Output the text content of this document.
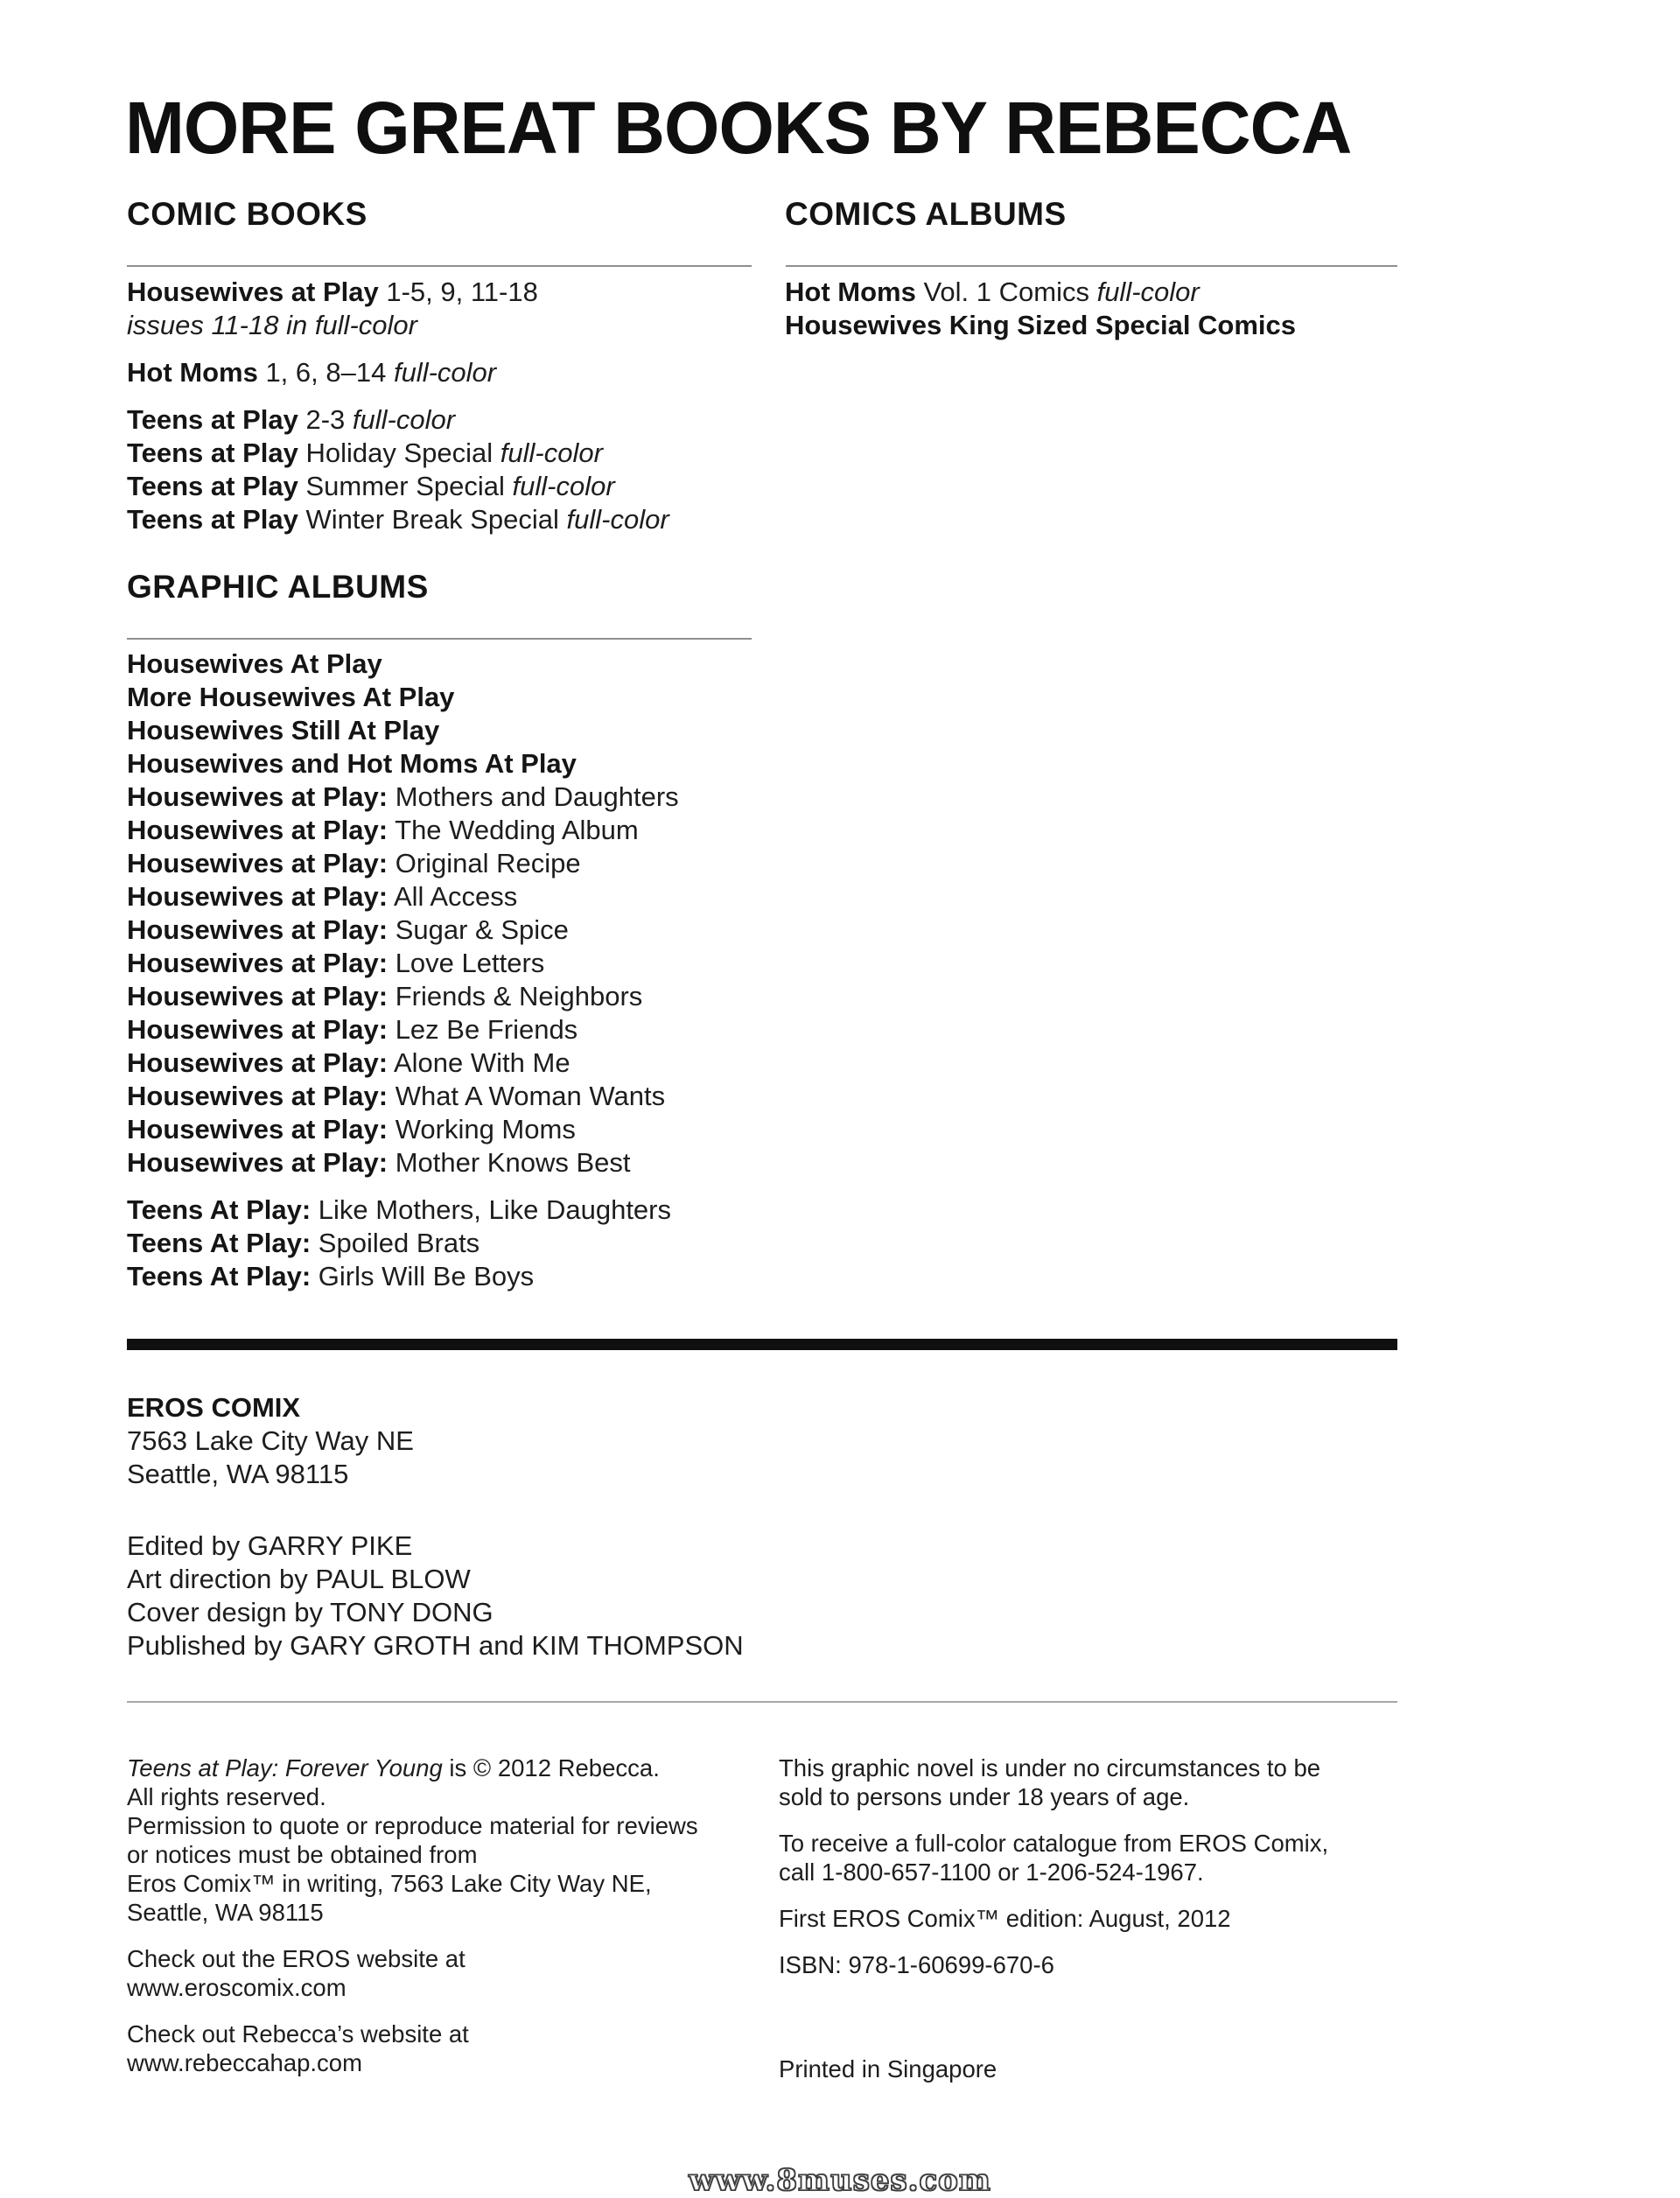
MORE GREAT BOOKS BY REBECCA
COMIC BOOKS
Housewives at Play 1-5, 9, 11-18
issues 11-18 in full-color
Hot Moms 1, 6, 8–14 full-color
Teens at Play 2-3 full-color
Teens at Play Holiday Special full-color
Teens at Play Summer Special full-color
Teens at Play Winter Break Special full-color
COMICS ALBUMS
Hot Moms Vol. 1 Comics full-color
Housewives King Sized Special Comics
GRAPHIC ALBUMS
Housewives At Play
More Housewives At Play
Housewives Still At Play
Housewives and Hot Moms At Play
Housewives at Play: Mothers and Daughters
Housewives at Play: The Wedding Album
Housewives at Play: Original Recipe
Housewives at Play: All Access
Housewives at Play: Sugar & Spice
Housewives at Play: Love Letters
Housewives at Play: Friends & Neighbors
Housewives at Play: Lez Be Friends
Housewives at Play: Alone With Me
Housewives at Play: What A Woman Wants
Housewives at Play: Working Moms
Housewives at Play: Mother Knows Best
Teens At Play: Like Mothers, Like Daughters
Teens At Play: Spoiled Brats
Teens At Play: Girls Will Be Boys
EROS COMIX
7563 Lake City Way NE
Seattle, WA 98115
Edited by GARRY PIKE
Art direction by PAUL BLOW
Cover design by TONY DONG
Published by GARY GROTH and KIM THOMPSON
Teens at Play: Forever Young is © 2012 Rebecca.
All rights reserved.
Permission to quote or reproduce material for reviews
or notices must be obtained from
Eros Comix™ in writing, 7563 Lake City Way NE,
Seattle, WA 98115
Check out the EROS website at
www.eroscomix.com
Check out Rebecca’s website at
www.rebeccahap.com
This graphic novel is under no circumstances to be
sold to persons under 18 years of age.
To receive a full-color catalogue from EROS Comix,
call 1-800-657-1100 or 1-206-524-1967.
First EROS Comix™ edition: August, 2012
ISBN: 978-1-60699-670-6
Printed in Singapore
www.8muses.com
